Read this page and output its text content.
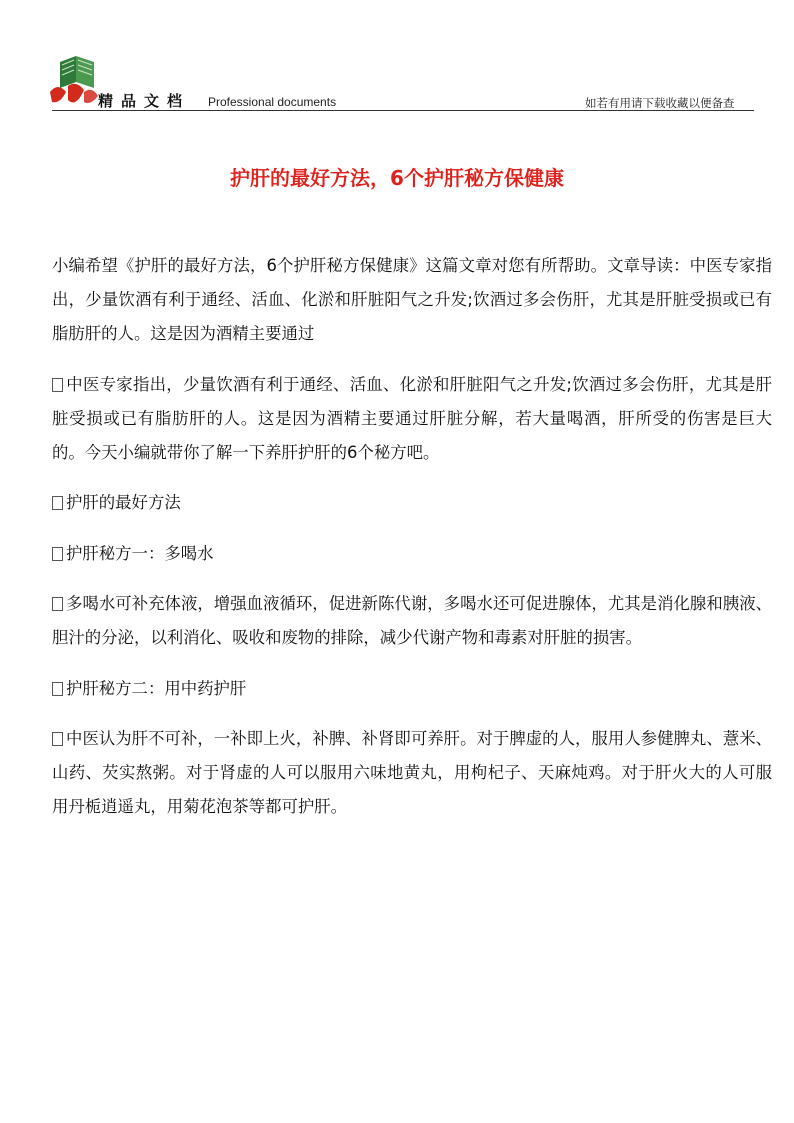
精品文档 Professional documents	如若有用请下载收藏以便备查
护肝的最好方法，6个护肝秘方保健康

小编希望《护肝的最好方法，6个护肝秘方保健康》这篇文章对您有所帮助。文章导读：中医专家指出，少量饮酒有利于通经、活血、化淤和肝脏阳气之升发;饮酒过多会伤肝，尤其是肝脏受损或已有脂肪肝的人。这是因为酒精主要通过

中医专家指出，少量饮酒有利于通经、活血、化淤和肝脏阳气之升发;饮酒过多会伤肝，尤其是肝脏受损或已有脂肪肝的人。这是因为酒精主要通过肝脏分解，若大量喝酒，肝所受的伤害是巨大的。今天小编就带你了解一下养肝护肝的6个秘方吧。

护肝的最好方法

护肝秘方一：多喝水

多喝水可补充体液，增强血液循环，促进新陈代谢，多喝水还可促进腺体，尤其是消化腺和胰液、胆汁的分泌，以利消化、吸收和废物的排除，减少代谢产物和毒素对肝脏的损害。

护肝秘方二：用中药护肝

中医认为肝不可补，一补即上火，补脾、补肾即可养肝。对于脾虚的人，服用人参健脾丸、薏米、山药、芡实熬粥。对于肾虚的人可以服用六味地黄丸，用枸杞子、天麻炖鸡。对于肝火大的人可服用丹栀逍遥丸，用菊花泡茶等都可护肝。
